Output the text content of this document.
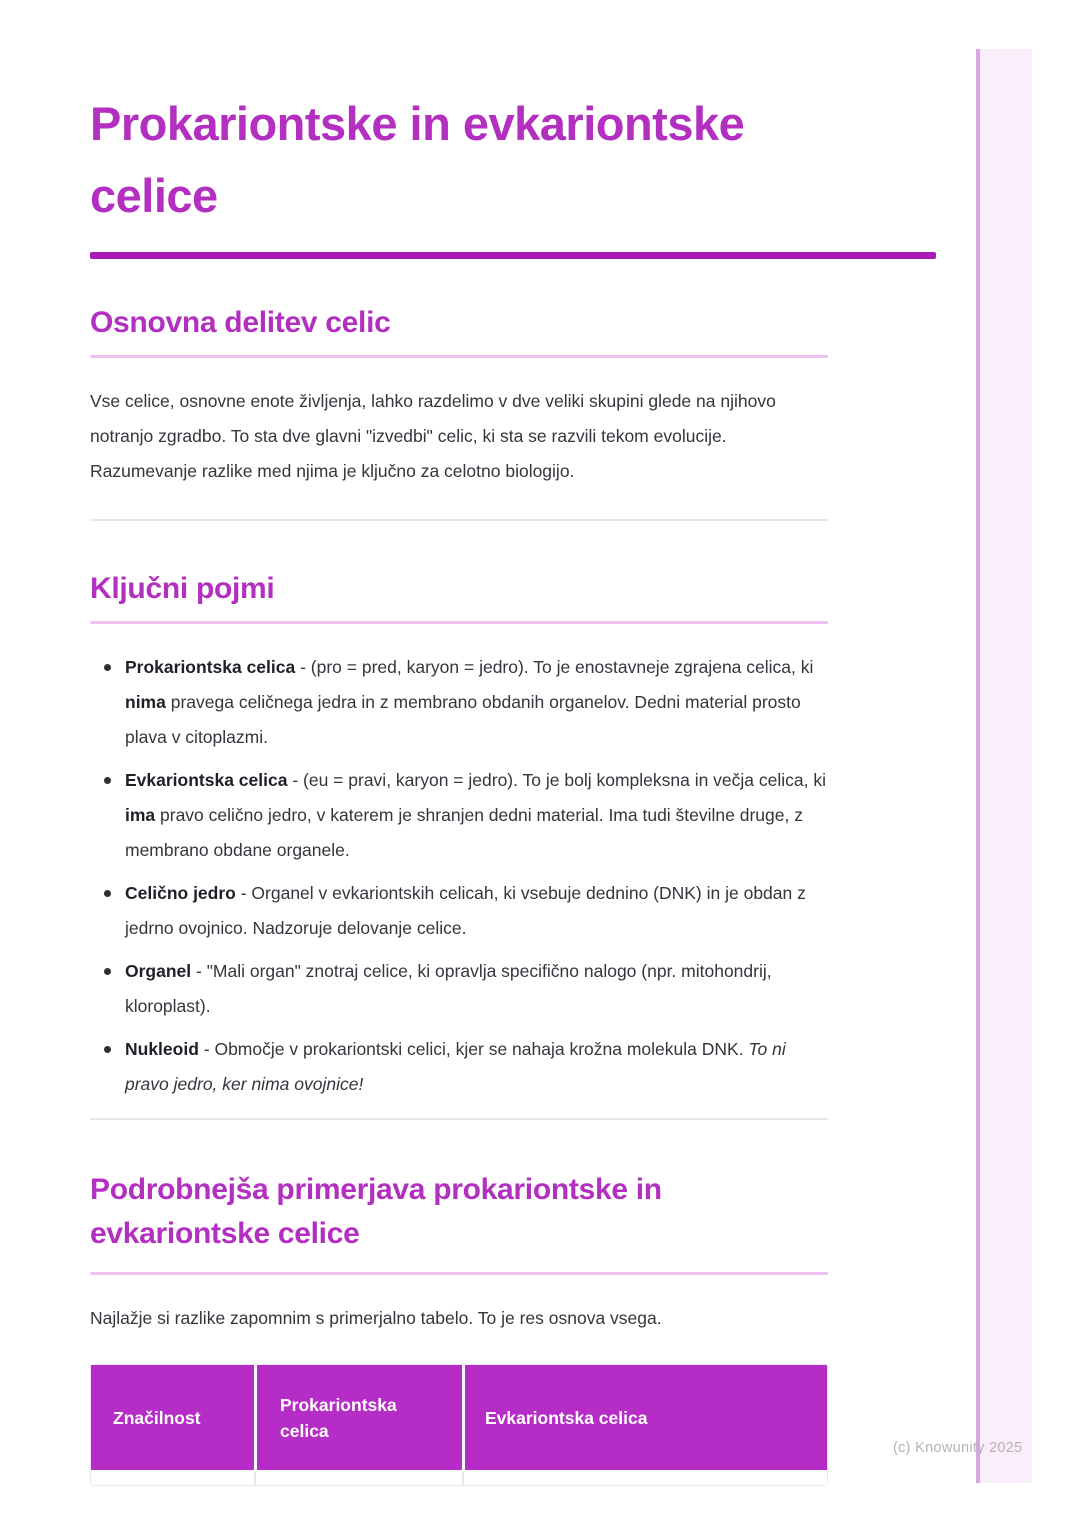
(c) Knowunity 2025
Prokariontske in evkariontske
celice
Osnovna delitev celic

Vse celice, osnovne enote življenja, lahko razdelimo v dve veliki skupini glede na njihovo notranjo zgradbo. To sta dve glavni "izvedbi" celic, ki sta se razvili tekom evolucije. Razumevanje razlike med njima je ključno za celotno biologijo.

Ključni pojmi
Prokariontska celica - (pro = pred, karyon = jedro). To je enostavneje zgrajena celica, ki nima pravega celičnega jedra in z membrano obdanih organelov. Dedni material prosto plava v citoplazmi.
Evkariontska celica - (eu = pravi, karyon = jedro). To je bolj kompleksna in večja celica, ki ima pravo celično jedro, v katerem je shranjen dedni material. Ima tudi številne druge, z membrano obdane organele.
Celično jedro - Organel v evkariontskih celicah, ki vsebuje dednino (DNK) in je obdan z jedrno ovojnico. Nadzoruje delovanje celice.
Organel - "Mali organ" znotraj celice, ki opravlja specifično nalogo (npr. mitohondrij, kloroplast).
Nukleoid - Območje v prokariontski celici, kjer se nahaja krožna molekula DNK. To ni pravo jedro, ker nima ovojnice!
Podrobnejša primerjava prokariontske in
evkariontske celice

Najlažje si razlike zapomnim s primerjalno tabelo. To je res osnova vsega.

Značilnost
Prokariontska celica
Evkariontska celica
